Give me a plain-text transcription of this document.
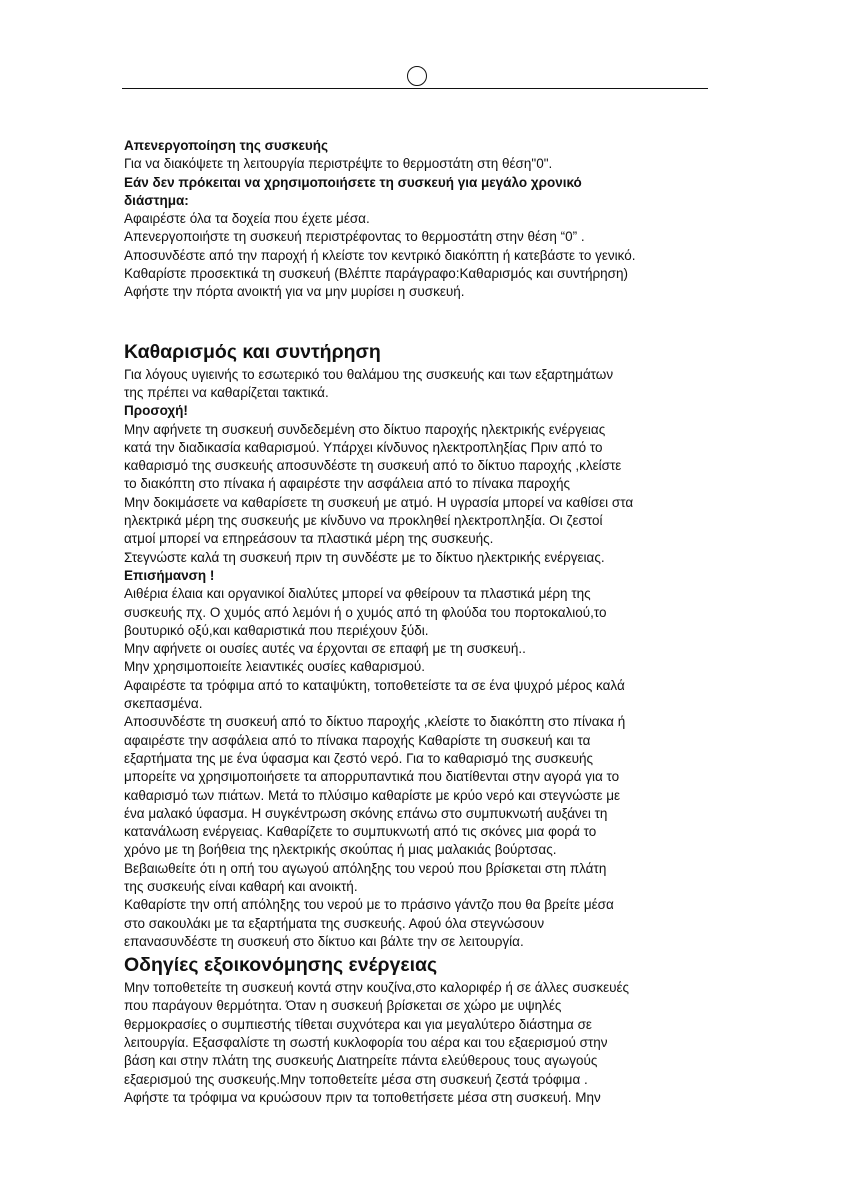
Απενεργοποίηση της συσκευής
Για να διακόψετε τη λειτουργία περιστρέψτε το θερμοστάτη στη θέση"0".
Εάν δεν πρόκειται να χρησιμοποιήσετε τη συσκευή για μεγάλο χρονικό
διάστημα:
Αφαιρέστε όλα τα δοχεία που έχετε μέσα.
Απενεργοποιήστε τη συσκευή περιστρέφοντας το θερμοστάτη στην θέση “0” .
Αποσυνδέστε από την παροχή ή κλείστε τον κεντρικό διακόπτη ή κατεβάστε το γενικό.
Καθαρίστε προσεκτικά τη συσκευή (Βλέπτε παράγραφο:Καθαρισμός και συντήρηση)
Αφήστε την πόρτα ανοικτή για να μην μυρίσει η συσκευή.
Καθαρισμός και συντήρηση
Για λόγους υγιεινής το εσωτερικό του θαλάμου της συσκευής και των εξαρτημάτων
της πρέπει να καθαρίζεται τακτικά.
Προσοχή!
Μην αφήνετε τη συσκευή συνδεδεμένη στο δίκτυο παροχής ηλεκτρικής ενέργειας
κατά την διαδικασία καθαρισμού. Υπάρχει κίνδυνος ηλεκτροπληξίας Πριν από το
καθαρισμό της συσκευής αποσυνδέστε τη συσκευή από το δίκτυο παροχής ,κλείστε
το διακόπτη στο πίνακα ή αφαιρέστε την ασφάλεια από το πίνακα παροχής
Μην δοκιμάσετε να καθαρίσετε τη συσκευή με ατμό. Η υγρασία μπορεί να καθίσει στα
ηλεκτρικά μέρη της συσκευής με κίνδυνο να προκληθεί ηλεκτροπληξία. Οι ζεστοί
ατμοί μπορεί να επηρεάσουν τα πλαστικά μέρη της συσκευής.
Στεγνώστε καλά τη συσκευή πριν τη συνδέστε με το δίκτυο ηλεκτρικής ενέργειας.
Επισήμανση !
Αιθέρια έλαια και οργανικοί διαλύτες μπορεί να φθείρουν τα πλαστικά μέρη της
συσκευής πχ. Ο χυμός από λεμόνι ή ο χυμός από τη φλούδα του πορτοκαλιού,το
βουτυρικό οξύ,και καθαριστικά που περιέχουν ξύδι.
Μην αφήνετε οι ουσίες αυτές να έρχονται σε επαφή με τη συσκευή..
Μην χρησιμοποιείτε λειαντικές ουσίες καθαρισμού.
Αφαιρέστε τα τρόφιμα από το καταψύκτη, τοποθετείστε τα σε ένα ψυχρό μέρος καλά
σκεπασμένα.
Αποσυνδέστε τη συσκευή από το δίκτυο παροχής ,κλείστε το διακόπτη στο πίνακα ή
αφαιρέστε την ασφάλεια από το πίνακα παροχής Καθαρίστε τη συσκευή και τα
εξαρτήματα της με ένα ύφασμα και ζεστό νερό. Για το καθαρισμό της συσκευής
μπορείτε να χρησιμοποιήσετε τα απορρυπαντικά που διατίθενται στην αγορά για το
καθαρισμό των πιάτων. Μετά το πλύσιμο καθαρίστε με κρύο νερό και στεγνώστε με
ένα μαλακό ύφασμα. Η συγκέντρωση σκόνης επάνω στο συμπυκνωτή αυξάνει τη
κατανάλωση ενέργειας. Καθαρίζετε το συμπυκνωτή από τις σκόνες μια φορά το
χρόνο με τη βοήθεια της ηλεκτρικής σκούπας ή μιας μαλακιάς βούρτσας.
Βεβαιωθείτε ότι η οπή του αγωγού απόληξης του νερού που βρίσκεται στη πλάτη
της συσκευής είναι καθαρή και ανοικτή.
Καθαρίστε την οπή απόληξης του νερού με το πράσινο γάντζο που θα βρείτε μέσα
στο σακουλάκι με τα εξαρτήματα της συσκευής. Αφού όλα στεγνώσουν
επανασυνδέστε τη συσκευή στο δίκτυο και βάλτε την σε λειτουργία.
Οδηγίες εξοικονόμησης ενέργειας
Μην τοποθετείτε τη συσκευή κοντά στην κουζίνα,στο καλοριφέρ ή σε άλλες συσκευές
που παράγουν θερμότητα. Όταν η συσκευή βρίσκεται σε χώρο με υψηλές
θερμοκρασίες ο συμπιεστής τίθεται συχνότερα και για μεγαλύτερο διάστημα σε
λειτουργία. Εξασφαλίστε τη σωστή κυκλοφορία του αέρα και του εξαερισμού στην
βάση και στην πλάτη της συσκευής Διατηρείτε πάντα ελεύθερους τους αγωγούς
εξαερισμού της συσκευής.Μην τοποθετείτε μέσα στη συσκευή ζεστά τρόφιμα .
Αφήστε τα τρόφιμα να κρυώσουν πριν τα τοποθετήσετε μέσα στη συσκευή. Μην
